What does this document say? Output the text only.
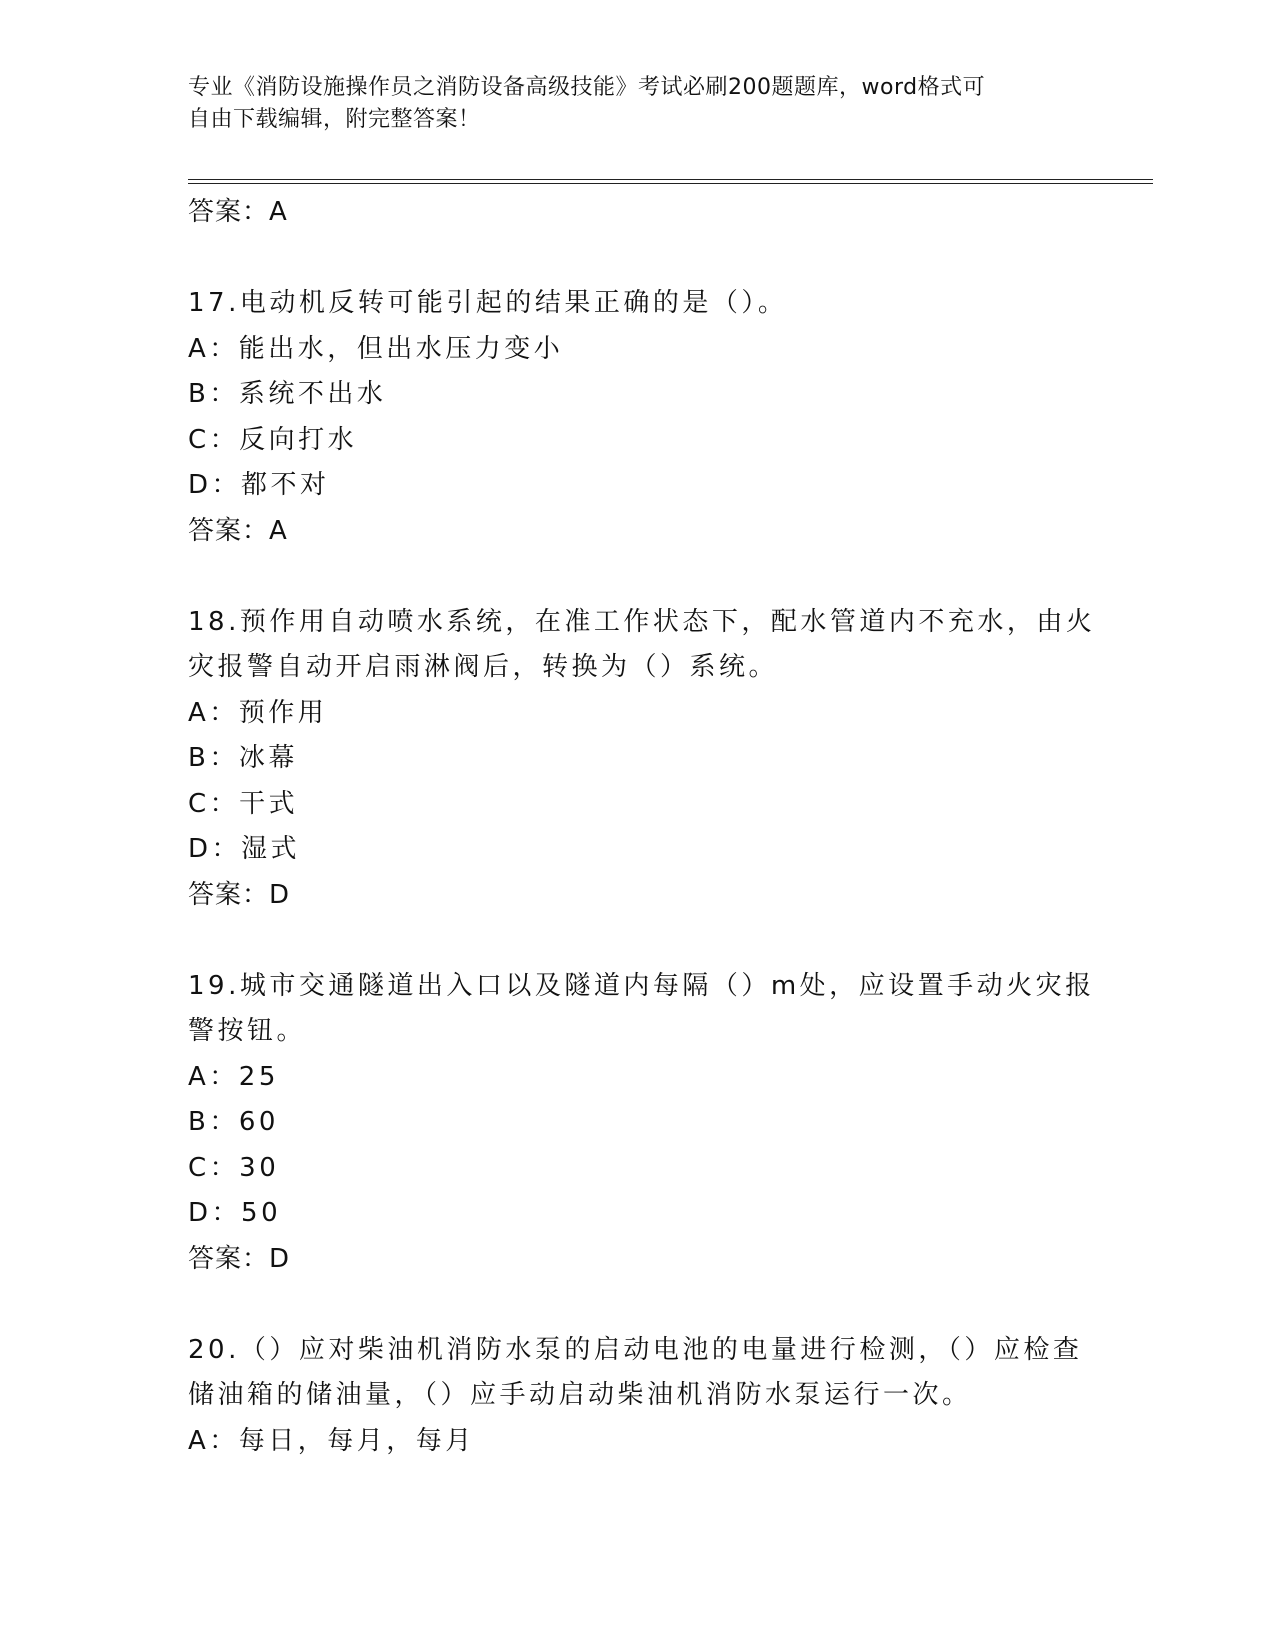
专业《消防设施操作员之消防设备高级技能》考试必刷200题题库，word格式可
自由下载编辑，附完整答案！
答案：A
17.电动机反转可能引起的结果正确的是（）。
A：能出水，但出水压力变小
B：系统不出水
C：反向打水
D：都不对
答案：A
18.预作用自动喷水系统，在准工作状态下，配水管道内不充水，由火
灾报警自动开启雨淋阀后，转换为（）系统。
A：预作用
B：冰幕
C：干式
D：湿式
答案：D
19.城市交通隧道出入口以及隧道内每隔（）m处，应设置手动火灾报
警按钮。
A：25
B：60
C：30
D：50
答案：D
20.（）应对柴油机消防水泵的启动电池的电量进行检测，（）应检查
储油箱的储油量，（）应手动启动柴油机消防水泵运行一次。
A：每日，每月，每月
